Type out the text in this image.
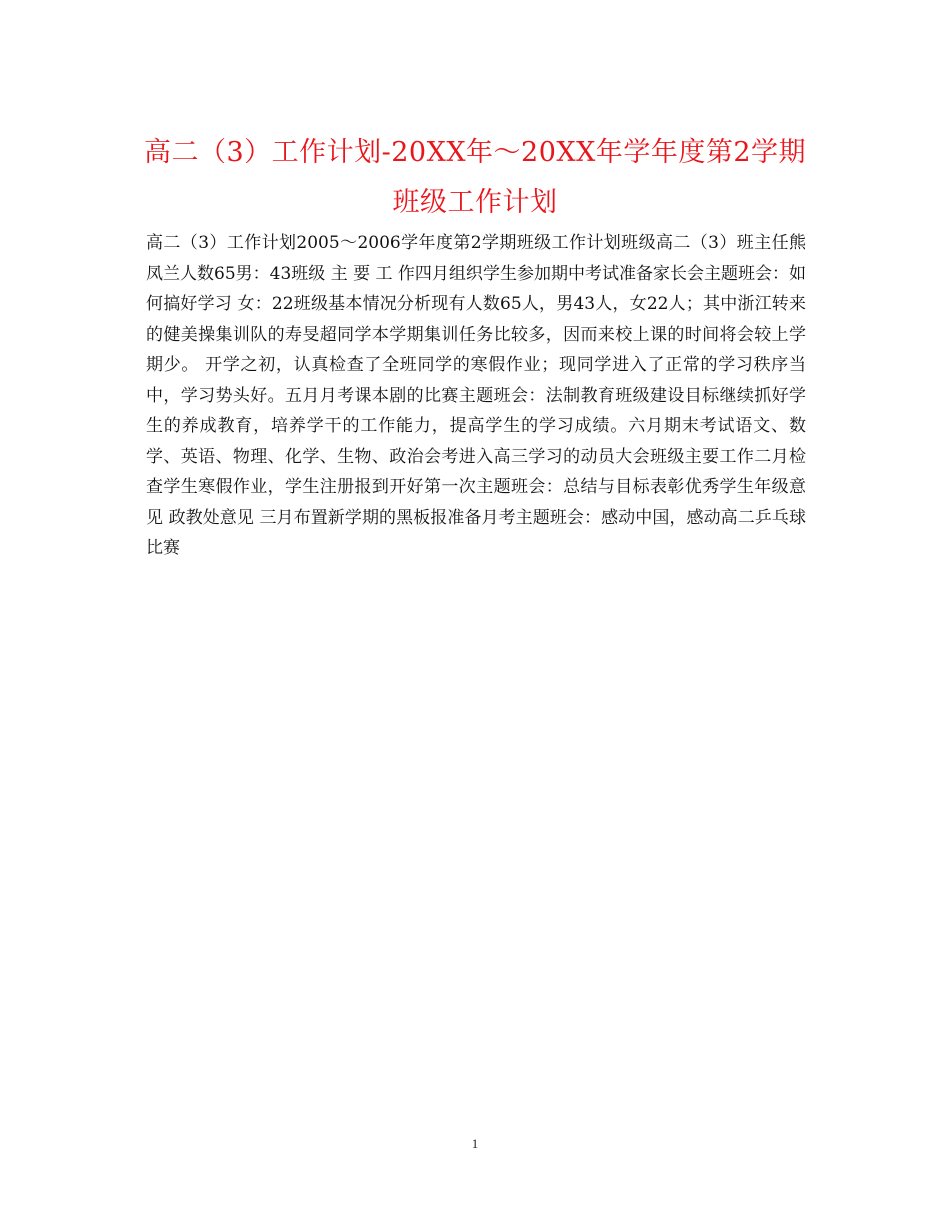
高二（3）工作计划-20XX年～20XX年学年度第2学期
班级工作计划
高二（3）工作计划2005～2006学年度第2学期班级工作计划班级高二（3）班主任熊凤兰人数65男：43班级 主 要 工 作四月组织学生参加期中考试准备家长会主题班会：如何搞好学习 女：22班级基本情况分析现有人数65人，男43人，女22人；其中浙江转来的健美操集训队的寿旻超同学本学期集训任务比较多，因而来校上课的时间将会较上学期少。 开学之初，认真检查了全班同学的寒假作业；现同学进入了正常的学习秩序当中，学习势头好。五月月考课本剧的比赛主题班会：法制教育班级建设目标继续抓好学生的养成教育，培养学干的工作能力，提高学生的学习成绩。六月期末考试语文、数学、英语、物理、化学、生物、政治会考进入高三学习的动员大会班级主要工作二月检查学生寒假作业，学生注册报到开好第一次主题班会：总结与目标表彰优秀学生年级意见 政教处意见 三月布置新学期的黑板报准备月考主题班会：感动中国，感动高二乒乓球比赛
1
